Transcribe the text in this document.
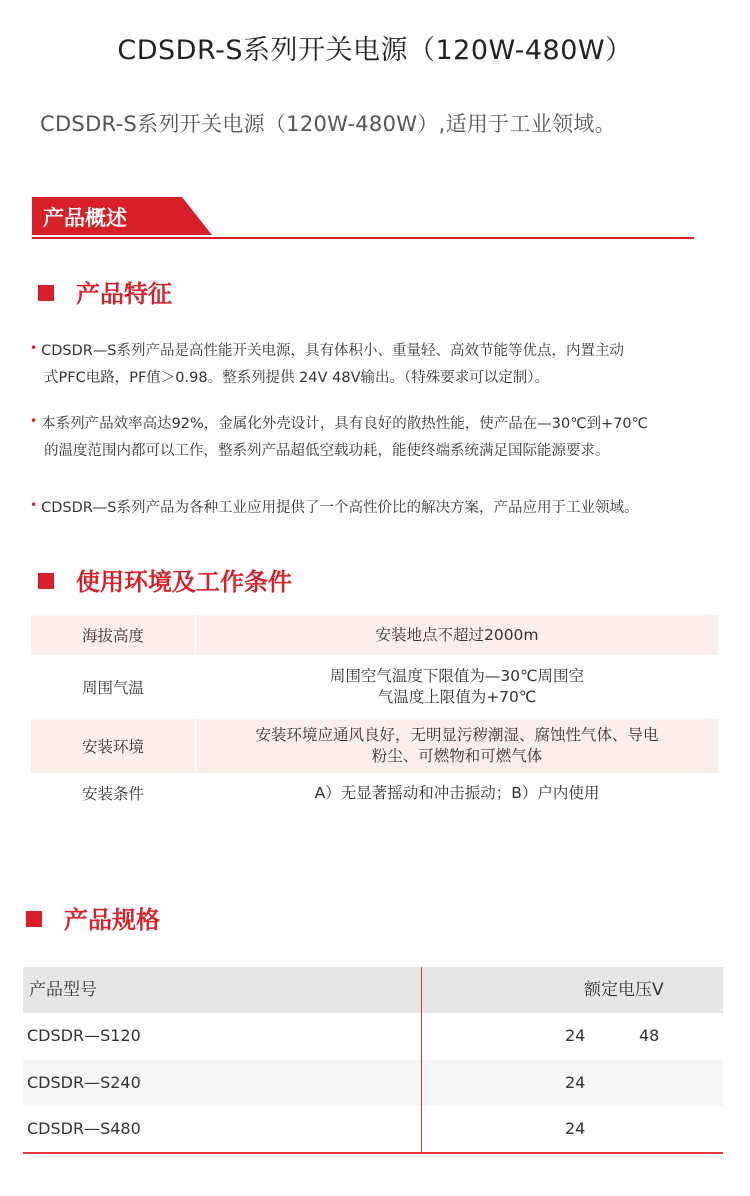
CDSDR-S系列开关电源（120W-480W）
CDSDR-S系列开关电源（120W-480W）,适用于工业领域。
产品概述
产品特征
• CDSDR—S系列产品是高性能开关电源，具有体积小、重量轻、高效节能等优点，内置主动
式PFC电路，PF值＞0.98。整系列提供 24V 48V输出。（特殊要求可以定制）。
• 本系列产品效率高达92%，金属化外壳设计，具有良好的散热性能，使产品在—30℃到+70℃
的温度范围内都可以工作，整系列产品超低空载功耗，能使终端系统满足国际能源要求。
• CDSDR—S系列产品为各种工业应用提供了一个高性价比的解决方案，产品应用于工业领域。
使用环境及工作条件
海拔高度	安装地点不超过2000m

周围气温	周围空气温度下限值为—30℃周围空
气温度上限值为+70℃

安装环境	安装环境应通风良好，无明显污秽潮湿、腐蚀性气体、导电
粉尘、可燃物和可燃气体

安装条件	A）无显著摇动和冲击振动；B）户内使用
产品规格
产品型号	额定电压V
CDSDR—S120	24	48
CDSDR—S240	24
CDSDR—S480	24
